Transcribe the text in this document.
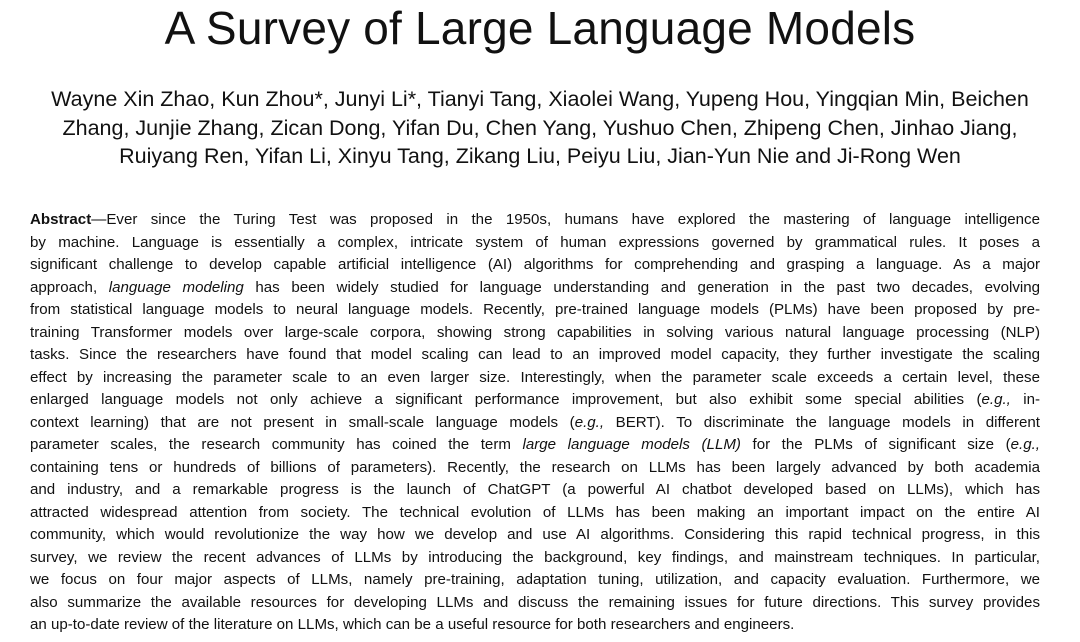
A Survey of Large Language Models
Wayne Xin Zhao, Kun Zhou*, Junyi Li*, Tianyi Tang, Xiaolei Wang, Yupeng Hou, Yingqian Min, Beichen
Zhang, Junjie Zhang, Zican Dong, Yifan Du, Chen Yang, Yushuo Chen, Zhipeng Chen, Jinhao Jiang,
Ruiyang Ren, Yifan Li, Xinyu Tang, Zikang Liu, Peiyu Liu, Jian-Yun Nie and Ji-Rong Wen
Abstract—Ever since the Turing Test was proposed in the 1950s, humans have explored the mastering of language intelligence
by machine. Language is essentially a complex, intricate system of human expressions governed by grammatical rules. It poses a
significant challenge to develop capable artificial intelligence (AI) algorithms for comprehending and grasping a language. As a major
approach, language modeling has been widely studied for language understanding and generation in the past two decades, evolving
from statistical language models to neural language models. Recently, pre-trained language models (PLMs) have been proposed by pre-
training Transformer models over large-scale corpora, showing strong capabilities in solving various natural language processing (NLP)
tasks. Since the researchers have found that model scaling can lead to an improved model capacity, they further investigate the scaling
effect by increasing the parameter scale to an even larger size. Interestingly, when the parameter scale exceeds a certain level, these
enlarged language models not only achieve a significant performance improvement, but also exhibit some special abilities (e.g., in-
context learning) that are not present in small-scale language models (e.g., BERT). To discriminate the language models in different
parameter scales, the research community has coined the term large language models (LLM) for the PLMs of significant size (e.g.,
containing tens or hundreds of billions of parameters). Recently, the research on LLMs has been largely advanced by both academia
and industry, and a remarkable progress is the launch of ChatGPT (a powerful AI chatbot developed based on LLMs), which has
attracted widespread attention from society. The technical evolution of LLMs has been making an important impact on the entire AI
community, which would revolutionize the way how we develop and use AI algorithms. Considering this rapid technical progress, in this
survey, we review the recent advances of LLMs by introducing the background, key findings, and mainstream techniques. In particular,
we focus on four major aspects of LLMs, namely pre-training, adaptation tuning, utilization, and capacity evaluation. Furthermore, we
also summarize the available resources for developing LLMs and discuss the remaining issues for future directions. This survey provides
an up-to-date review of the literature on LLMs, which can be a useful resource for both researchers and engineers.
